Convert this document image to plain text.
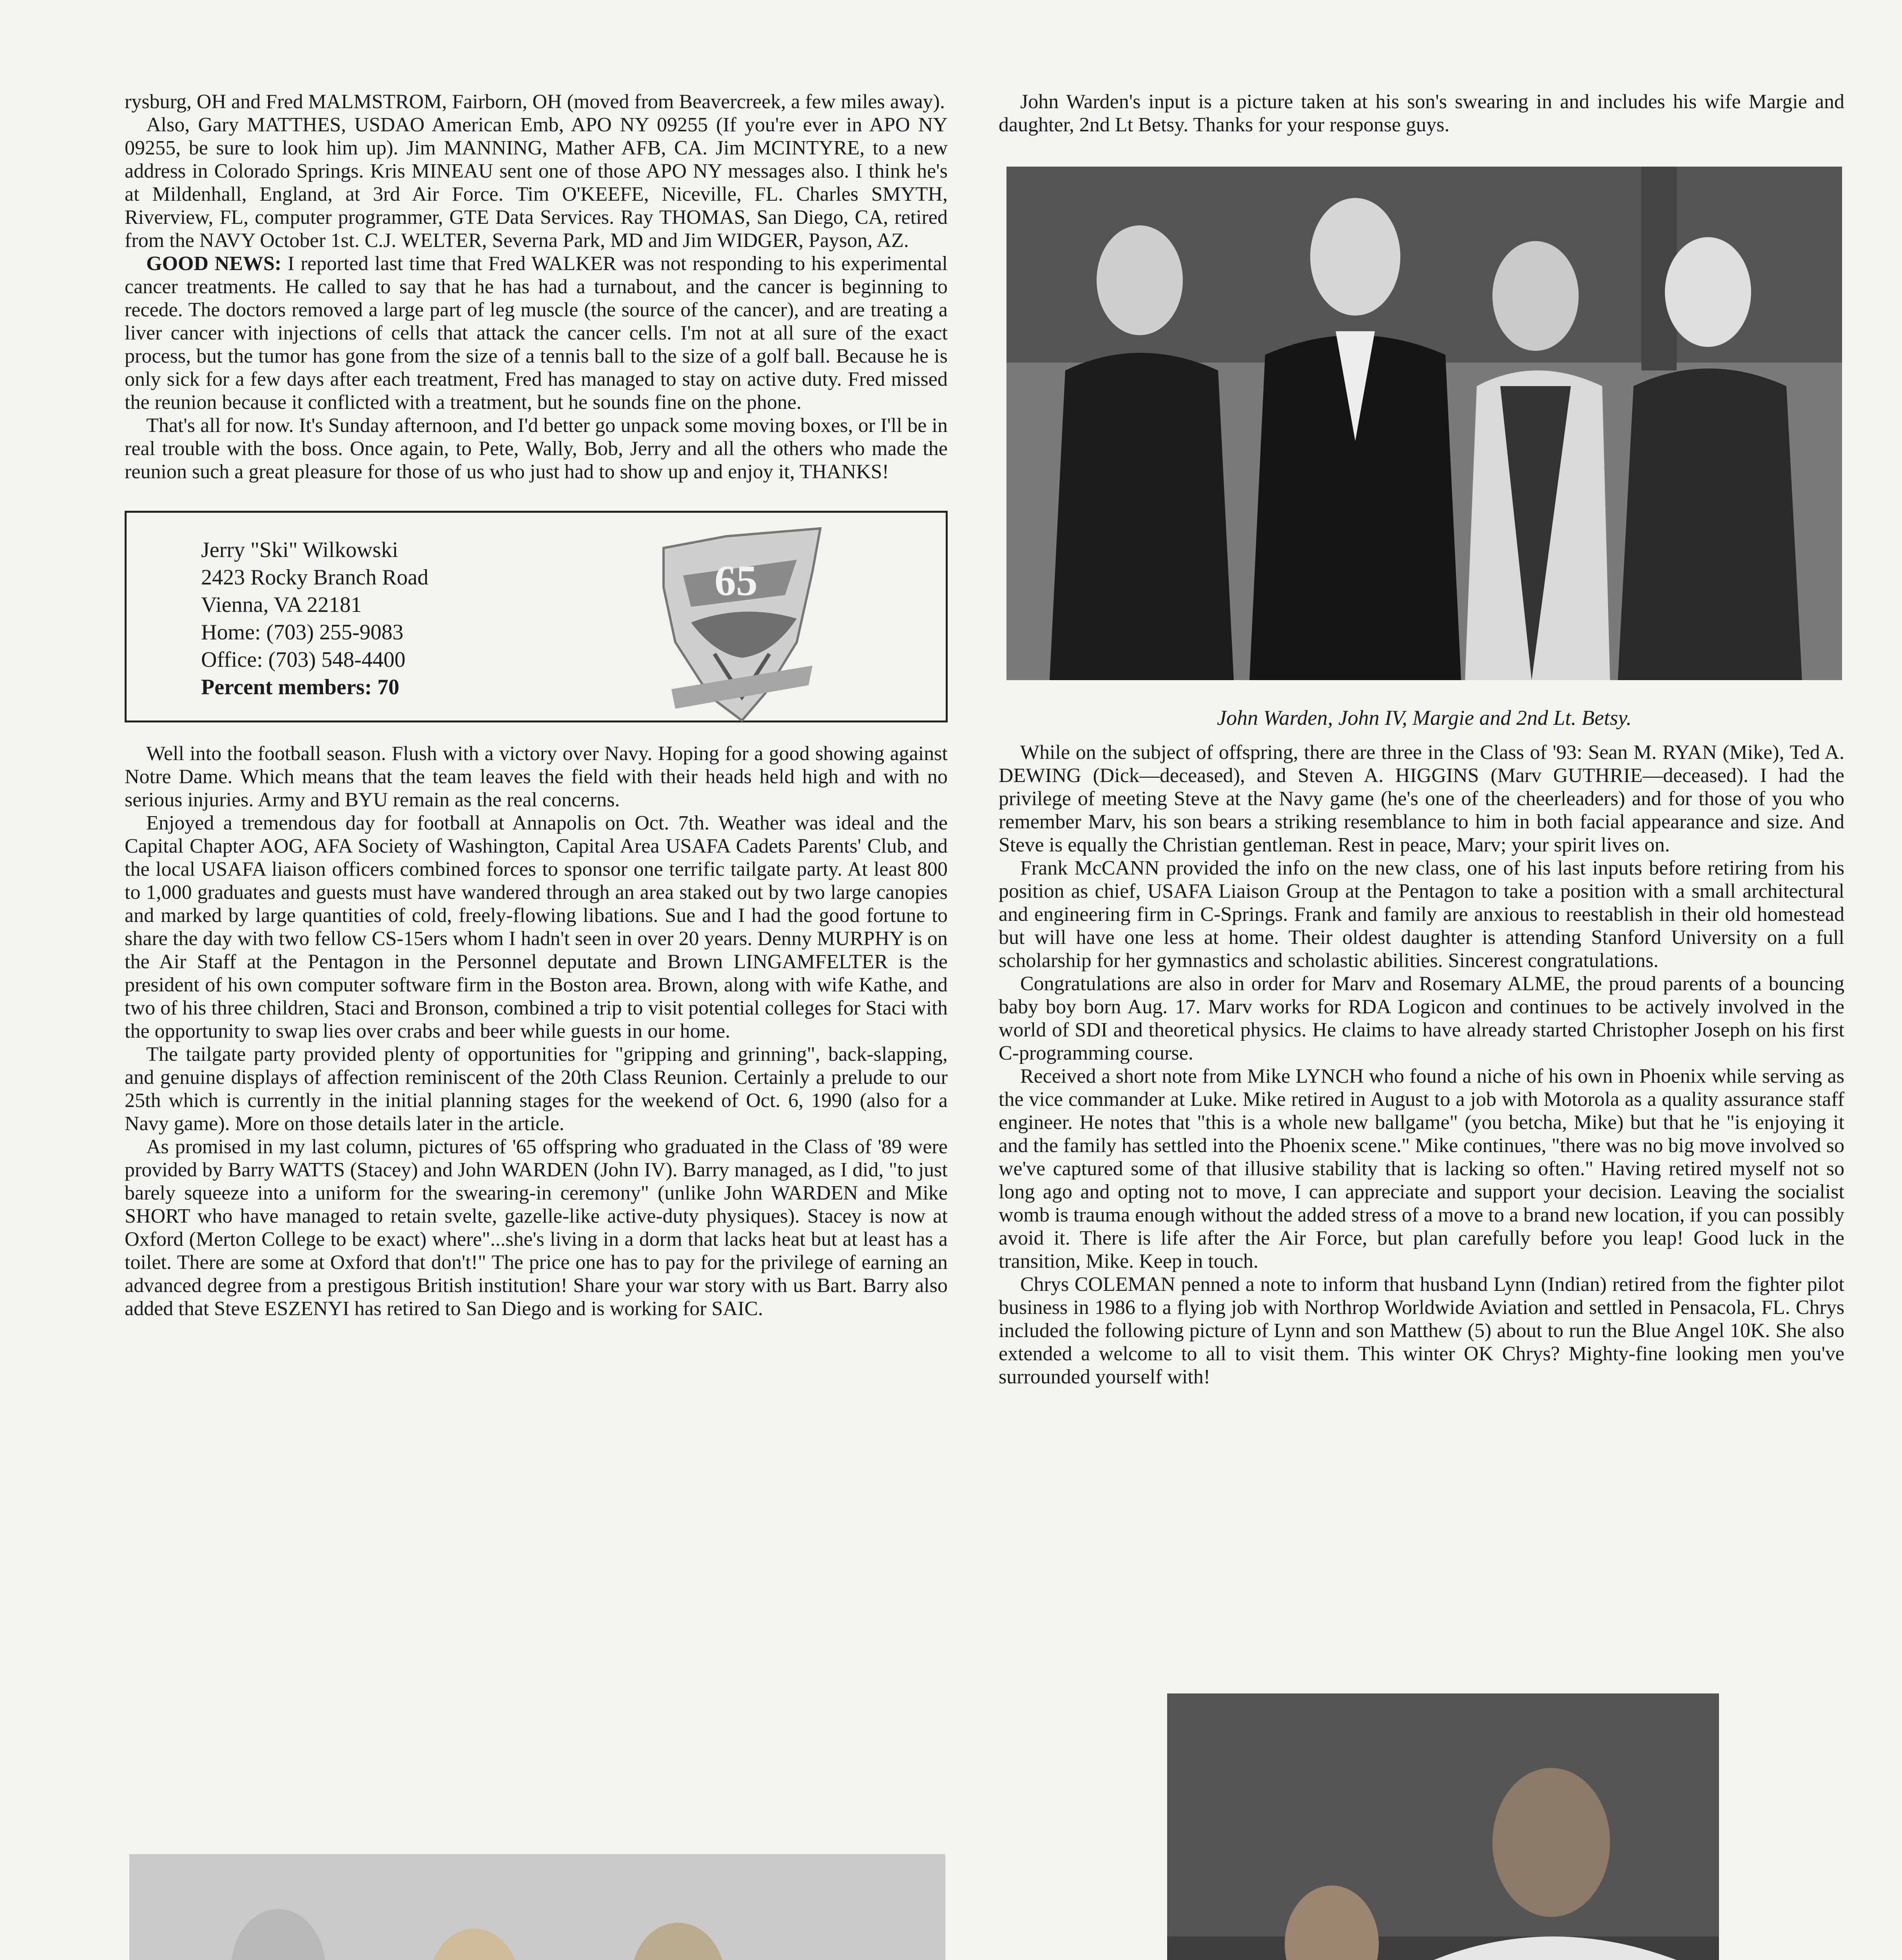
rysburg, OH and Fred MALMSTROM, Fairborn, OH (moved from Beavercreek, a few miles away).

Also, Gary MATTHES, USDAO American Emb, APO NY 09255 (If you're ever in APO NY 09255, be sure to look him up). Jim MANNING, Mather AFB, CA. Jim MCINTYRE, to a new address in Colorado Springs. Kris MINEAU sent one of those APO NY messages also. I think he's at Mildenhall, England, at 3rd Air Force. Tim O'KEEFE, Niceville, FL. Charles SMYTH, Riverview, FL, computer programmer, GTE Data Services. Ray THOMAS, San Diego, CA, retired from the NAVY October 1st. C.J. WELTER, Severna Park, MD and Jim WIDGER, Payson, AZ.

GOOD NEWS: I reported last time that Fred WALKER was not responding to his experimental cancer treatments. He called to say that he has had a turnabout, and the cancer is beginning to recede. The doctors removed a large part of leg muscle (the source of the cancer), and are treating a liver cancer with injections of cells that attack the cancer cells. I'm not at all sure of the exact process, but the tumor has gone from the size of a tennis ball to the size of a golf ball. Because he is only sick for a few days after each treatment, Fred has managed to stay on active duty. Fred missed the reunion because it conflicted with a treatment, but he sounds fine on the phone.

That's all for now. It's Sunday afternoon, and I'd better go unpack some moving boxes, or I'll be in real trouble with the boss. Once again, to Pete, Wally, Bob, Jerry and all the others who made the reunion such a great pleasure for those of us who just had to show up and enjoy it, THANKS!

Jerry "Ski" Wilkowski
2423 Rocky Branch Road
Vienna, VA 22181
Home: (703) 255-9083
Office: (703) 548-4400
Percent members: 70
65

Well into the football season. Flush with a victory over Navy. Hoping for a good showing against Notre Dame. Which means that the team leaves the field with their heads held high and with no serious injuries. Army and BYU remain as the real concerns.

Enjoyed a tremendous day for football at Annapolis on Oct. 7th. Weather was ideal and the Capital Chapter AOG, AFA Society of Washington, Capital Area USAFA Cadets Parents' Club, and the local USAFA liaison officers combined forces to sponsor one terrific tailgate party. At least 800 to 1,000 graduates and guests must have wandered through an area staked out by two large canopies and marked by large quantities of cold, freely-flowing libations. Sue and I had the good fortune to share the day with two fellow CS-15ers whom I hadn't seen in over 20 years. Denny MURPHY is on the Air Staff at the Pentagon in the Personnel deputate and Brown LINGAMFELTER is the president of his own computer software firm in the Boston area. Brown, along with wife Kathe, and two of his three children, Staci and Bronson, combined a trip to visit potential colleges for Staci with the opportunity to swap lies over crabs and beer while guests in our home.

The tailgate party provided plenty of opportunities for "gripping and grinning", back-slapping, and genuine displays of affection reminiscent of the 20th Class Reunion. Certainly a prelude to our 25th which is currently in the initial planning stages for the weekend of Oct. 6, 1990 (also for a Navy game). More on those details later in the article.

As promised in my last column, pictures of '65 offspring who graduated in the Class of '89 were provided by Barry WATTS (Stacey) and John WARDEN (John IV). Barry managed, as I did, "to just barely squeeze into a uniform for the swearing-in ceremony" (unlike John WARDEN and Mike SHORT who have managed to retain svelte, gazelle-like active-duty physiques). Stacey is now at Oxford (Merton College to be exact) where"...she's living in a dorm that lacks heat but at least has a toilet. There are some at Oxford that don't!" The price one has to pay for the privilege of earning an advanced degree from a prestigous British institution! Share your war story with us Bart. Barry also added that Steve ESZENYI has retired to San Diego and is working for SAIC.

John Warden's input is a picture taken at his son's swearing in and includes his wife Margie and daughter, 2nd Lt Betsy. Thanks for your response guys.

John Warden, John IV, Margie and 2nd Lt. Betsy.

While on the subject of offspring, there are three in the Class of '93: Sean M. RYAN (Mike), Ted A. DEWING (Dick—deceased), and Steven A. HIGGINS (Marv GUTHRIE—deceased). I had the privilege of meeting Steve at the Navy game (he's one of the cheerleaders) and for those of you who remember Marv, his son bears a striking resemblance to him in both facial appearance and size. And Steve is equally the Christian gentleman. Rest in peace, Marv; your spirit lives on.

Frank McCANN provided the info on the new class, one of his last inputs before retiring from his position as chief, USAFA Liaison Group at the Pentagon to take a position with a small architectural and engineering firm in C-Springs. Frank and family are anxious to reestablish in their old homestead but will have one less at home. Their oldest daughter is attending Stanford University on a full scholarship for her gymnastics and scholastic abilities. Sincerest congratulations.

Congratulations are also in order for Marv and Rosemary ALME, the proud parents of a bouncing baby boy born Aug. 17. Marv works for RDA Logicon and continues to be actively involved in the world of SDI and theoretical physics. He claims to have already started Christopher Joseph on his first C-programming course.

Received a short note from Mike LYNCH who found a niche of his own in Phoenix while serving as the vice commander at Luke. Mike retired in August to a job with Motorola as a quality assurance staff engineer. He notes that "this is a whole new ballgame" (you betcha, Mike) but that he "is enjoying it and the family has settled into the Phoenix scene." Mike continues, "there was no big move involved so we've captured some of that illusive stability that is lacking so often." Having retired myself not so long ago and opting not to move, I can appreciate and support your decision. Leaving the socialist womb is trauma enough without the added stress of a move to a brand new location, if you can possibly avoid it. There is life after the Air Force, but plan carefully before you leap! Good luck in the transition, Mike. Keep in touch.

Chrys COLEMAN penned a note to inform that husband Lynn (Indian) retired from the fighter pilot business in 1986 to a flying job with Northrop Worldwide Aviation and settled in Pensacola, FL. Chrys included the following picture of Lynn and son Matthew (5) about to run the Blue Angel 10K. She also extended a welcome to all to visit them. This winter OK Chrys? Mighty-fine looking men you've surrounded yourself with!
